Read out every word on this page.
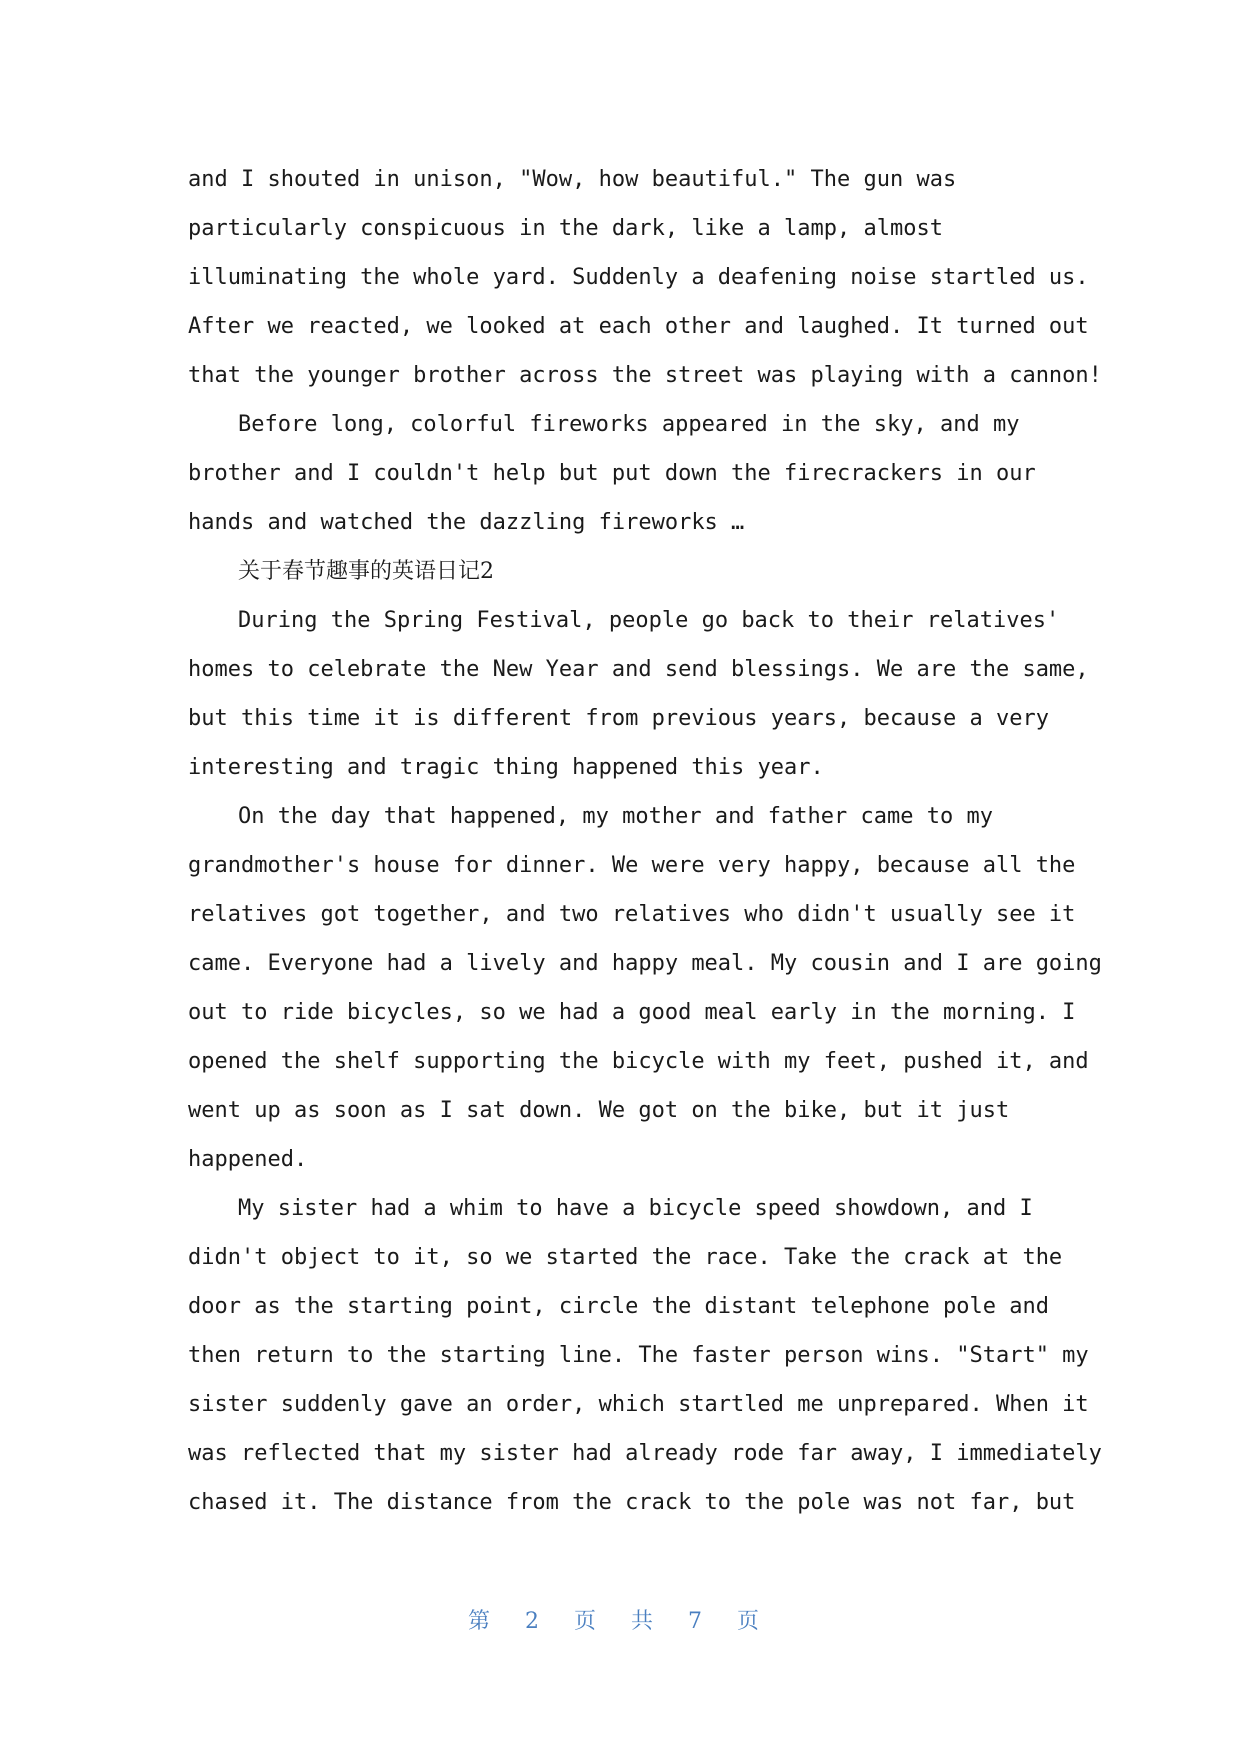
and I shouted in unison, "Wow, how beautiful." The gun was
particularly conspicuous in the dark, like a lamp, almost
illuminating the whole yard. Suddenly a deafening noise startled us.
After we reacted, we looked at each other and laughed. It turned out
that the younger brother across the street was playing with a cannon!
Before long, colorful fireworks appeared in the sky, and my
brother and I couldn't help but put down the firecrackers in our
hands and watched the dazzling fireworks …
关于春节趣事的英语日记2
During the Spring Festival, people go back to their relatives'
homes to celebrate the New Year and send blessings. We are the same,
but this time it is different from previous years, because a very
interesting and tragic thing happened this year.
On the day that happened, my mother and father came to my
grandmother's house for dinner. We were very happy, because all the
relatives got together, and two relatives who didn't usually see it
came. Everyone had a lively and happy meal. My cousin and I are going
out to ride bicycles, so we had a good meal early in the morning. I
opened the shelf supporting the bicycle with my feet, pushed it, and
went up as soon as I sat down. We got on the bike, but it just
happened.
My sister had a whim to have a bicycle speed showdown, and I
didn't object to it, so we started the race. Take the crack at the
door as the starting point, circle the distant telephone pole and
then return to the starting line. The faster person wins. "Start" my
sister suddenly gave an order, which startled me unprepared. When it
was reflected that my sister had already rode far away, I immediately
chased it. The distance from the crack to the pole was not far, but
第 2 页 共 7 页
